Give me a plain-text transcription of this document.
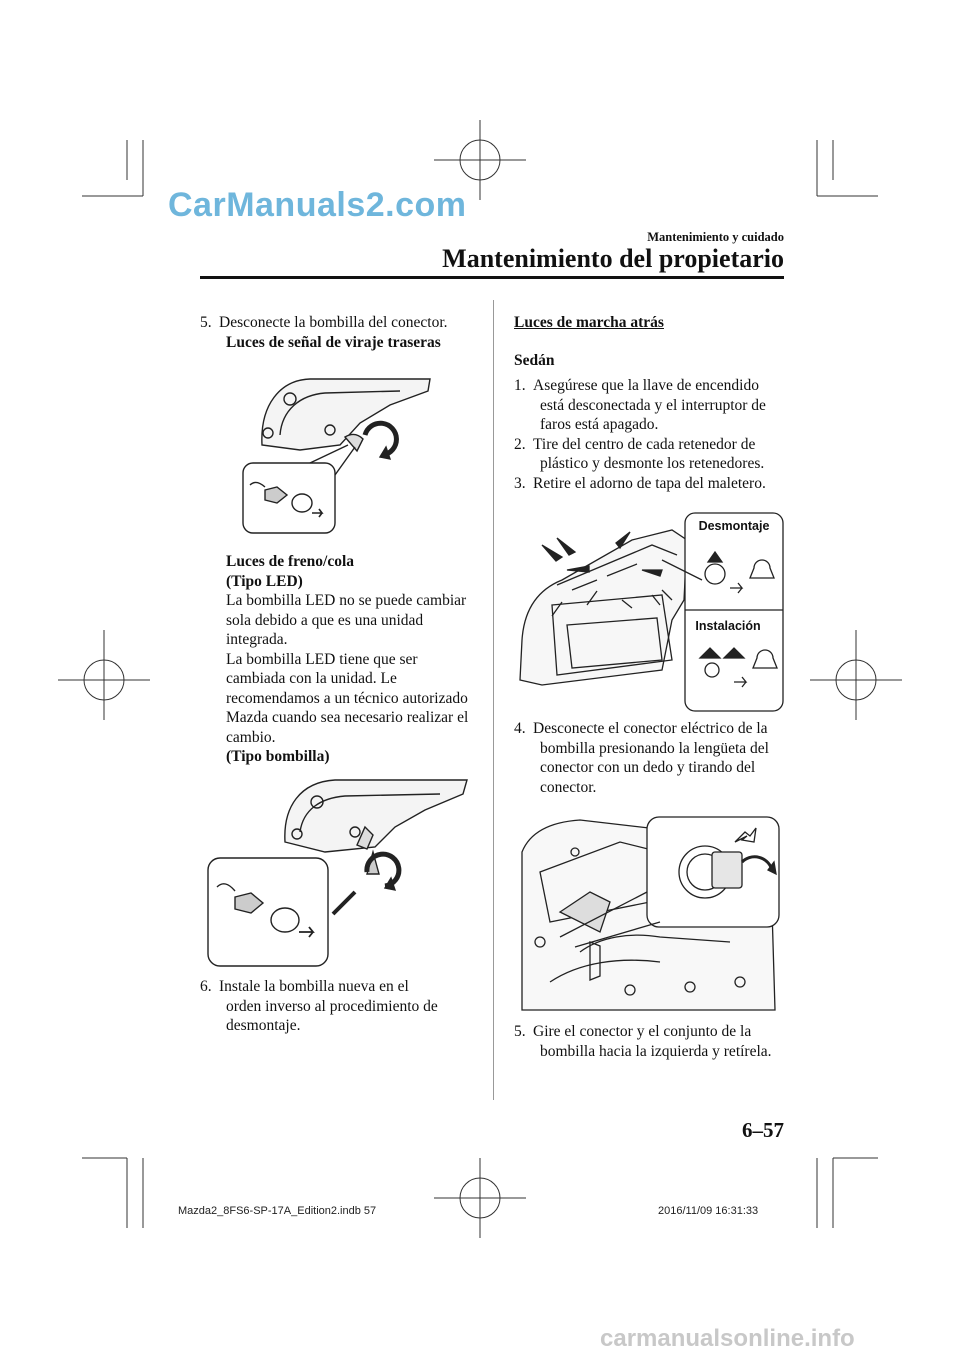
CarManuals2.com
Mantenimiento y cuidado
Mantenimiento del propietario
5. Desconecte la bombilla del conector.
Luces de señal de viraje traseras
Luces de freno/cola
(Tipo LED)
La bombilla LED no se puede cambiar
sola debido a que es una unidad
integrada.
La bombilla LED tiene que ser
cambiada con la unidad. Le
recomendamos a un técnico autorizado
Mazda cuando sea necesario realizar el
cambio.
(Tipo bombilla)
6. Instale la bombilla nueva en el
orden inverso al procedimiento de
desmontaje.
Luces de marcha atrás
Sedán
1. Asegúrese que la llave de encendido
está desconectada y el interruptor de
faros está apagado.
2. Tire del centro de cada retenedor de
plástico y desmonte los retenedores.
3. Retire el adorno de tapa del maletero.
Desmontaje
Instalación
4. Desconecte el conector eléctrico de la
bombilla presionando la lengüeta del
conector con un dedo y tirando del
conector.
5. Gire el conector y el conjunto de la
bombilla hacia la izquierda y retírela.
6–57
Mazda2_8FS6-SP-17A_Edition2.indb 57	2016/11/09 16:31:33
carmanualsonline.info
